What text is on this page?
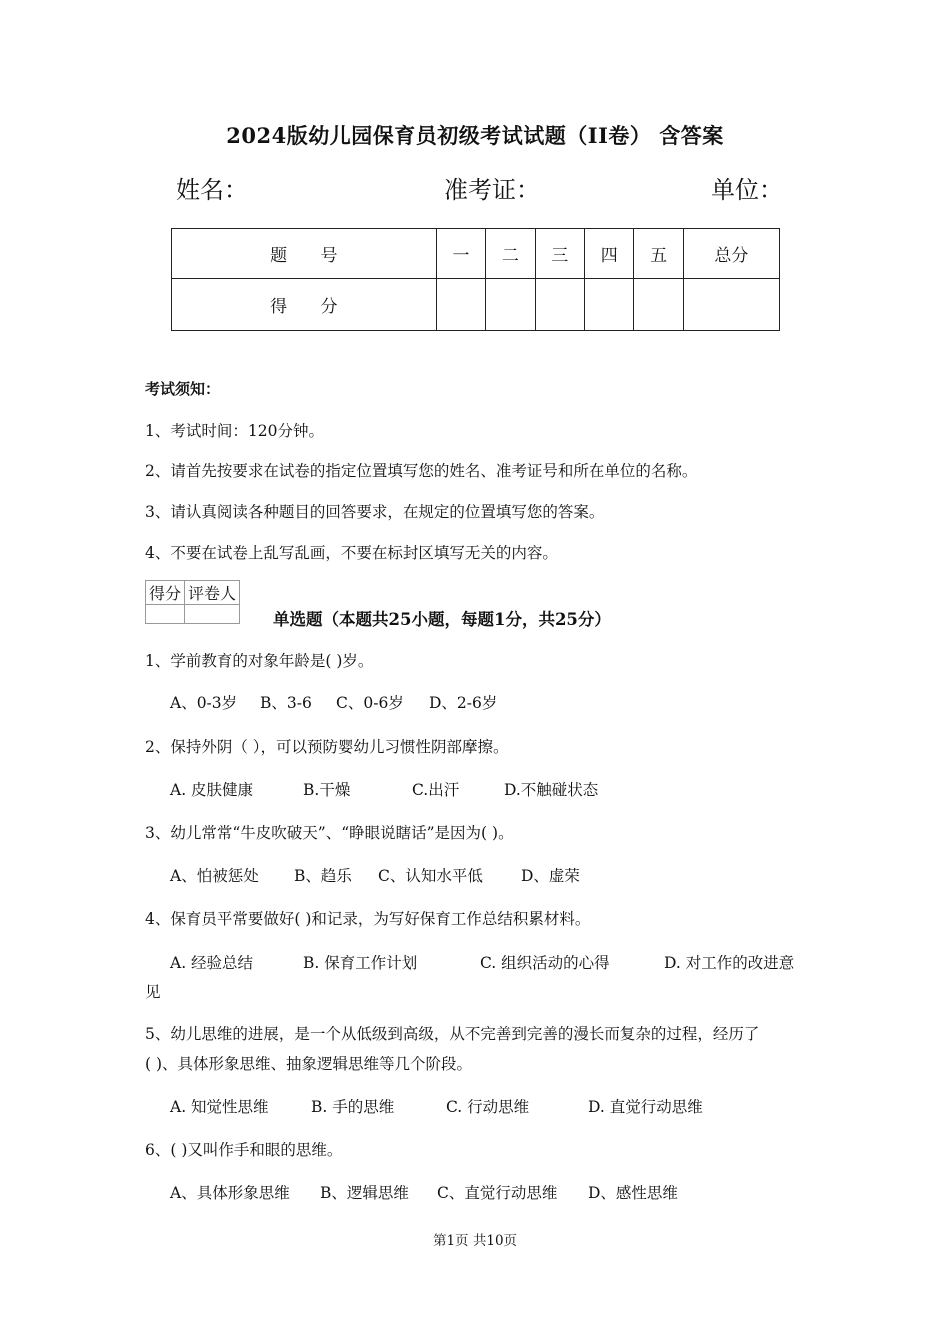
2024版幼儿园保育员初级考试试题（II卷） 含答案
姓名：	准考证：	单位：
题 号	一	二	三	四	五	总分
得 分						
考试须知：
1、考试时间：120分钟。
2、请首先按要求在试卷的指定位置填写您的姓名、准考证号和所在单位的名称。
3、请认真阅读各种题目的回答要求，在规定的位置填写您的答案。
4、不要在试卷上乱写乱画，不要在标封区填写无关的内容。
得分	评卷人

单选题（本题共25小题，每题1分，共25分）
1、学前教育的对象年龄是( )岁。
A、0-3岁 B、3-6 C、0-6岁 D、2-6岁
2、保持外阴（ ），可以预防婴幼儿习惯性阴部摩擦。
A. 皮肤健康	B.干燥	C.出汗	D.不触碰状态
3、幼儿常常“牛皮吹破天”、“睁眼说瞎话”是因为( )。
A、怕被惩处 B、趋乐 C、认知水平低 D、虚荣
4、保育员平常要做好( )和记录，为写好保育工作总结积累材料。
A. 经验总结	B. 保育工作计划	C. 组织活动的心得	D. 对工作的改进意
见
5、幼儿思维的进展，是一个从低级到高级，从不完善到完善的漫长而复杂的过程，经历了
( )、具体形象思维、抽象逻辑思维等几个阶段。
A. 知觉性思维	B. 手的思维	C. 行动思维	D. 直觉行动思维
6、( )又叫作手和眼的思维。
A、具体形象思维 B、逻辑思维 C、直觉行动思维 D、感性思维
第1页 共10页
